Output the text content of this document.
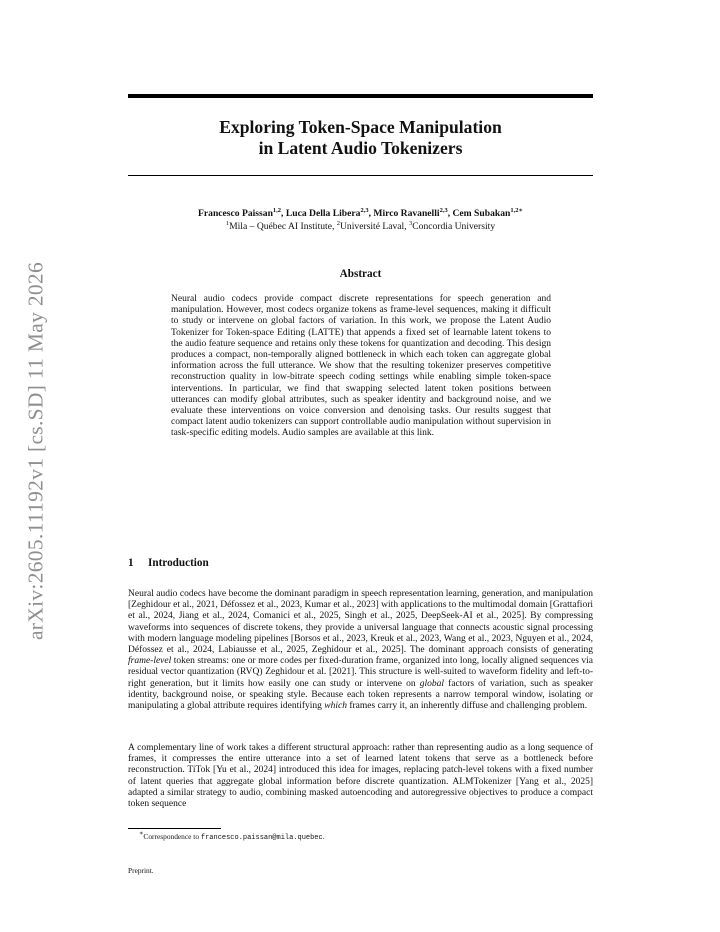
arXiv:2605.11192v1 [cs.SD] 11 May 2026
Exploring Token-Space Manipulation
in Latent Audio Tokenizers
Francesco Paissan$^{1,2}$, Luca Della Libera$^{2,3}$, Mirco Ravanelli$^{2,3}$, Cem Subakan$^{1,2∗}$
$^1$Mila – Québec AI Institute, $^2$Université Laval, $^3$Concordia University
Abstract
Neural audio codecs provide compact discrete representations for speech generation and manipulation. However, most codecs organize tokens as frame-level sequences, making it difficult to study or intervene on global factors of variation. In this work, we propose the Latent Audio Tokenizer for Token-space Editing (LATTE) that appends a fixed set of learnable latent tokens to the audio feature sequence and retains only these tokens for quantization and decoding. This design produces a compact, non-temporally aligned bottleneck in which each token can aggregate global information across the full utterance. We show that the resulting tokenizer preserves competitive reconstruction quality in low-bitrate speech coding settings while enabling simple token-space interventions. In particular, we find that swapping selected latent token positions between utterances can modify global attributes, such as speaker identity and background noise, and we evaluate these interventions on voice conversion and denoising tasks. Our results suggest that compact latent audio tokenizers can support controllable audio manipulation without supervision in task-specific editing models. Audio samples are available at this link.
1 Introduction
Neural audio codecs have become the dominant paradigm in speech representation learning, generation, and manipulation [Zeghidour et al., 2021, Défossez et al., 2023, Kumar et al., 2023] with applications to the multimodal domain [Grattafiori et al., 2024, Jiang et al., 2024, Comanici et al., 2025, Singh et al., 2025, DeepSeek-AI et al., 2025]. By compressing waveforms into sequences of discrete tokens, they provide a universal language that connects acoustic signal processing with modern language modeling pipelines [Borsos et al., 2023, Kreuk et al., 2023, Wang et al., 2023, Nguyen et al., 2024, Défossez et al., 2024, Labiausse et al., 2025, Zeghidour et al., 2025]. The dominant approach consists of generating frame-level token streams: one or more codes per fixed-duration frame, organized into long, locally aligned sequences via residual vector quantization (RVQ) Zeghidour et al. [2021]. This structure is well-suited to waveform fidelity and left-to-right generation, but it limits how easily one can study or intervene on global factors of variation, such as speaker identity, background noise, or speaking style. Because each token represents a narrow temporal window, isolating or manipulating a global attribute requires identifying which frames carry it, an inherently diffuse and challenging problem.
A complementary line of work takes a different structural approach: rather than representing audio as a long sequence of frames, it compresses the entire utterance into a set of learned latent tokens that serve as a bottleneck before reconstruction. TiTok [Yu et al., 2024] introduced this idea for images, replacing patch-level tokens with a fixed number of latent queries that aggregate global information before discrete quantization. ALMTokenizer [Yang et al., 2025] adapted a similar strategy to audio, combining masked autoencoding and autoregressive objectives to produce a compact token sequence
∗Correspondence to francesco.paissan@mila.quebec.
Preprint.
